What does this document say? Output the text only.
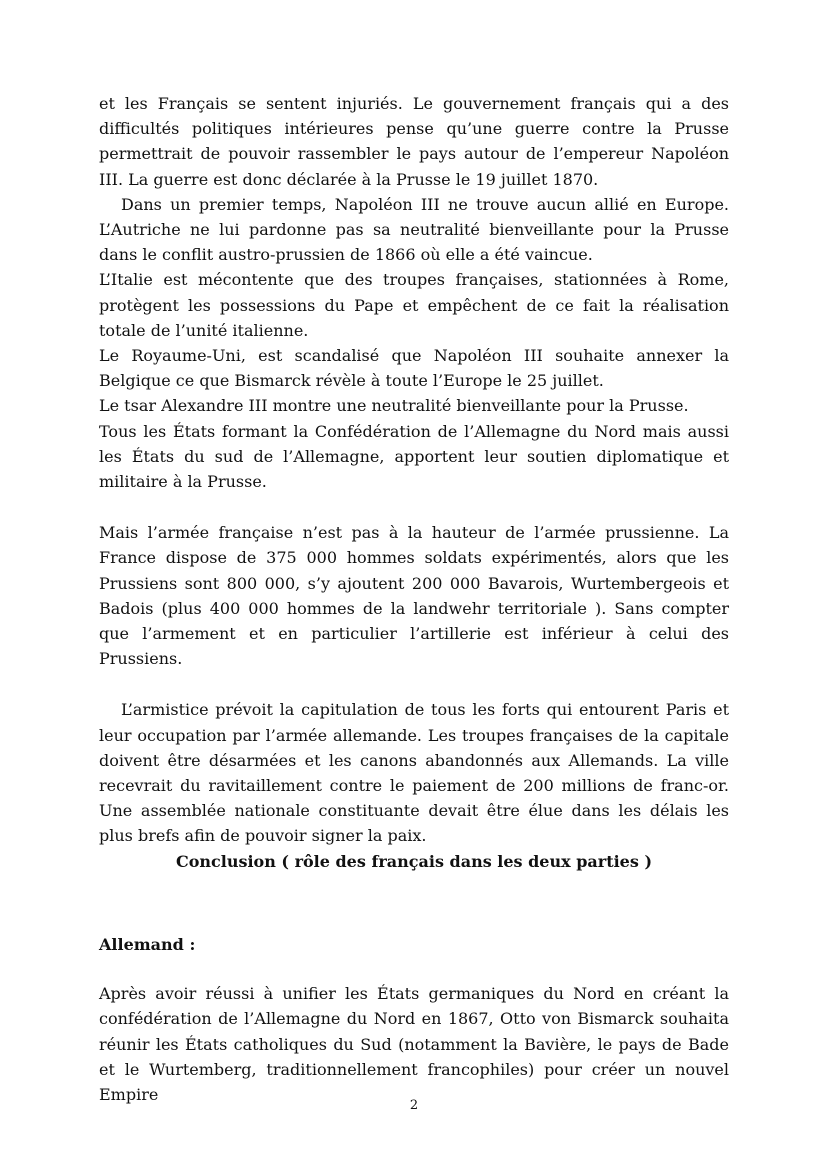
et les Français se sentent injuriés. Le gouvernement français qui a des difficultés politiques intérieures pense qu’une guerre contre la Prusse permettrait de pouvoir rassembler le pays autour de l’empereur Napoléon III. La guerre est donc déclarée à la Prusse le 19 juillet 1870.

Dans un premier temps, Napoléon III ne trouve aucun allié en Europe. L’Autriche ne lui pardonne pas sa neutralité bienveillante pour la Prusse dans le conflit austro-prussien de 1866 où elle a été vaincue.

L’Italie est mécontente que des troupes françaises, stationnées à Rome, protègent les possessions du Pape et empêchent de ce fait la réalisation totale de l’unité italienne.

Le Royaume-Uni, est scandalisé que Napoléon III souhaite annexer la Belgique ce que Bismarck révèle à toute l’Europe le 25 juillet.

Le tsar Alexandre III montre une neutralité bienveillante pour la Prusse.

Tous les États formant la Confédération de l’Allemagne du Nord mais aussi les États du sud de l’Allemagne, apportent leur soutien diplomatique et militaire à la Prusse.

Mais l’armée française n’est pas à la hauteur de l’armée prussienne. La France dispose de 375 000 hommes soldats expérimentés, alors que les Prussiens sont 800 000, s’y ajoutent 200 000 Bavarois, Wurtembergeois et Badois (plus 400 000 hommes de la landwehr territoriale ). Sans compter que l’armement et en particulier l’artillerie est inférieur à celui des Prussiens.

L’armistice prévoit la capitulation de tous les forts qui entourent Paris et leur occupation par l’armée allemande. Les troupes françaises de la capitale doivent être désarmées et les canons abandonnés aux Allemands. La ville recevrait du ravitaillement contre le paiement de 200 millions de franc-or. Une assemblée nationale constituante devait être élue dans les délais les plus brefs afin de pouvoir signer la paix.

Conclusion ( rôle des français dans les deux parties )

Allemand :

Après avoir réussi à unifier les États germaniques du Nord en créant la confédération de l’Allemagne du Nord en 1867, Otto von Bismarck souhaita réunir les États catholiques du Sud (notamment la Bavière, le pays de Bade et le Wurtemberg, traditionnellement francophiles) pour créer un nouvel Empire

2
